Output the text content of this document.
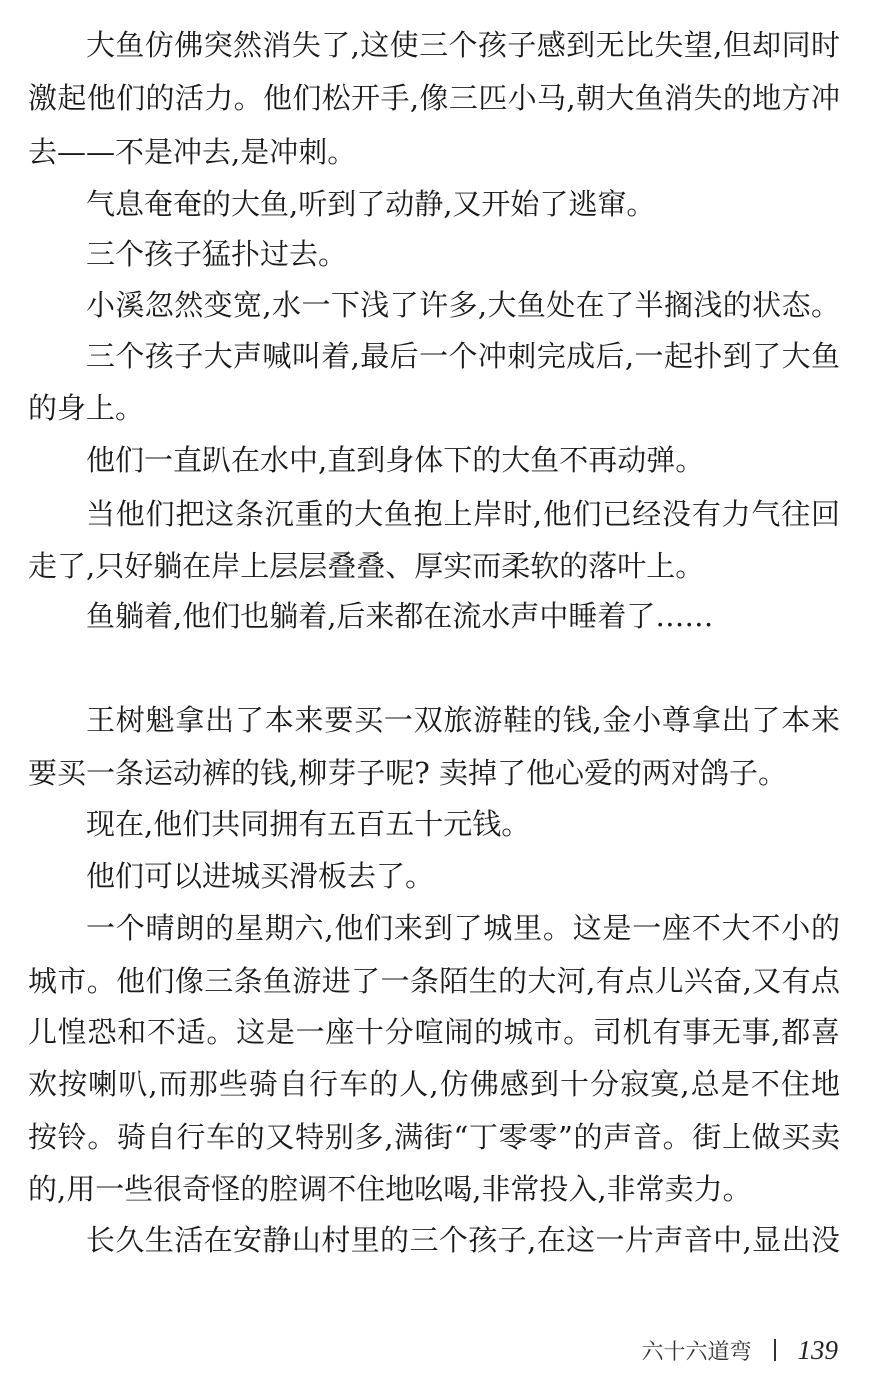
大鱼仿佛突然消失了,这使三个孩子感到无比失望,但却同时
激起他们的活力。他们松开手,像三匹小马,朝大鱼消失的地方冲
去——不是冲去,是冲刺。
气息奄奄的大鱼,听到了动静,又开始了逃窜。
三个孩子猛扑过去。
小溪忽然变宽,水一下浅了许多,大鱼处在了半搁浅的状态。
三个孩子大声喊叫着,最后一个冲刺完成后,一起扑到了大鱼
的身上。
他们一直趴在水中,直到身体下的大鱼不再动弹。
当他们把这条沉重的大鱼抱上岸时,他们已经没有力气往回
走了,只好躺在岸上层层叠叠、厚实而柔软的落叶上。
鱼躺着,他们也躺着,后来都在流水声中睡着了……
王树魁拿出了本来要买一双旅游鞋的钱,金小尊拿出了本来
要买一条运动裤的钱,柳芽子呢? 卖掉了他心爱的两对鸽子。
现在,他们共同拥有五百五十元钱。
他们可以进城买滑板去了。
一个晴朗的星期六,他们来到了城里。这是一座不大不小的
城市。他们像三条鱼游进了一条陌生的大河,有点儿兴奋,又有点
儿惶恐和不适。这是一座十分喧闹的城市。司机有事无事,都喜
欢按喇叭,而那些骑自行车的人,仿佛感到十分寂寞,总是不住地
按铃。骑自行车的又特别多,满街“丁零零”的声音。街上做买卖
的,用一些很奇怪的腔调不住地吆喝,非常投入,非常卖力。
长久生活在安静山村里的三个孩子,在这一片声音中,显出没
六十六道弯 139
